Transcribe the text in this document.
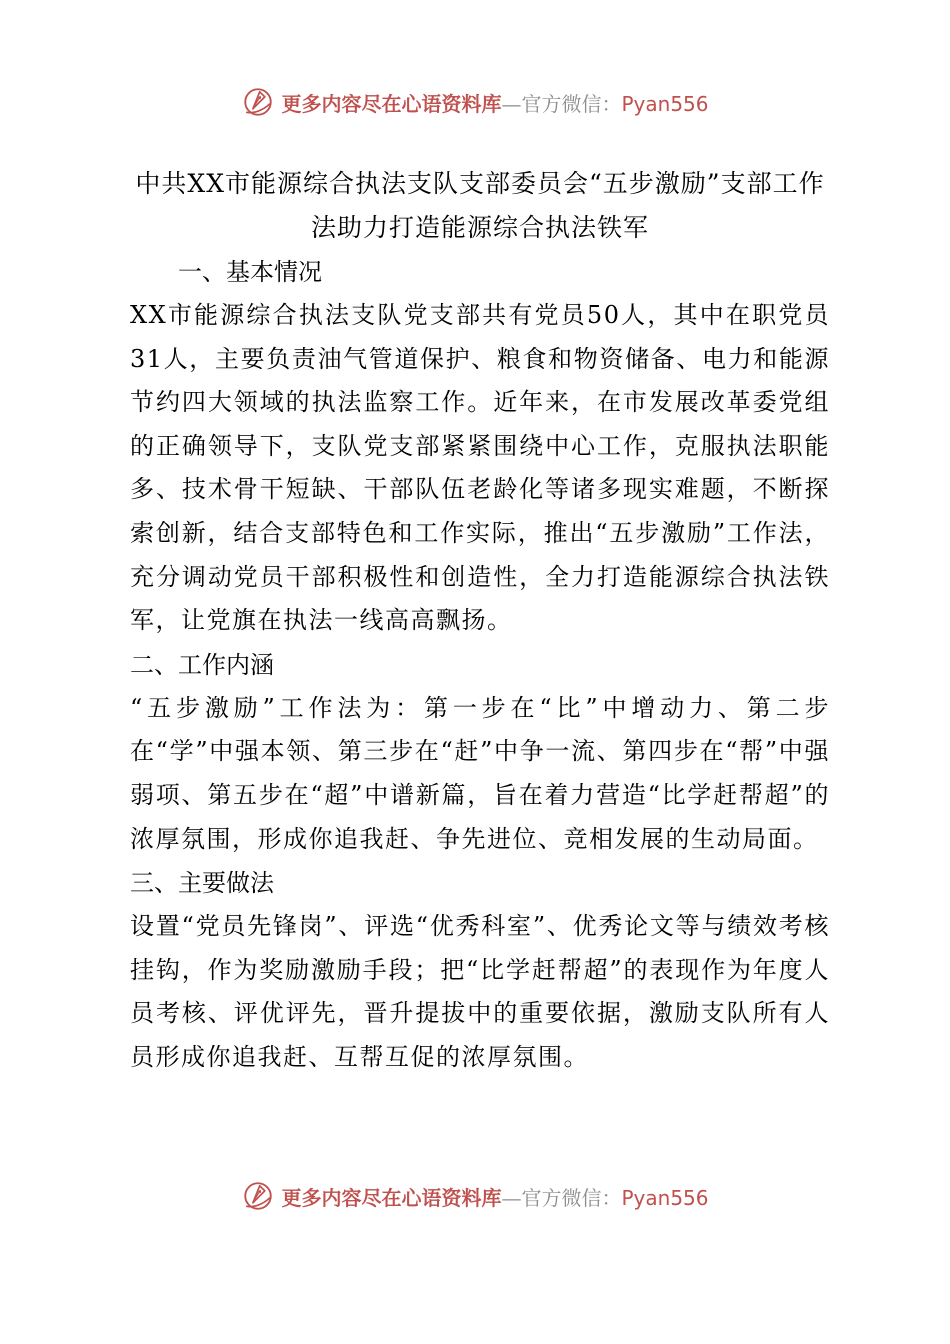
更多内容尽在心语资料库—官方微信：Pyan556
中共XX市能源综合执法支队支部委员会“五步激励”支部工作
法助力打造能源综合执法铁军
一、基本情况

XX市能源综合执法支队党支部共有党员50人，其中在职党员31人，主要负责油气管道保护、粮食和物资储备、电力和能源节约四大领域的执法监察工作。近年来，在市发展改革委党组的正确领导下，支队党支部紧紧围绕中心工作，克服执法职能多、技术骨干短缺、干部队伍老龄化等诸多现实难题，不断探索创新，结合支部特色和工作实际，推出“五步激励”工作法，充分调动党员干部积极性和创造性，全力打造能源综合执法铁军，让党旗在执法一线高高飘扬。

二、工作内涵

“五步激励”工作法为：第一步在“比”中增动力、第二步在“学”中强本领、第三步在“赶”中争一流、第四步在“帮”中强弱项、第五步在“超”中谱新篇，旨在着力营造“比学赶帮超”的浓厚氛围，形成你追我赶、争先进位、竞相发展的生动局面。

三、主要做法

设置“党员先锋岗”、评选“优秀科室”、优秀论文等与绩效考核挂钩，作为奖励激励手段；把“比学赶帮超”的表现作为年度人员考核、评优评先，晋升提拔中的重要依据，激励支队所有人员形成你追我赶、互帮互促的浓厚氛围。

更多内容尽在心语资料库—官方微信：Pyan556
